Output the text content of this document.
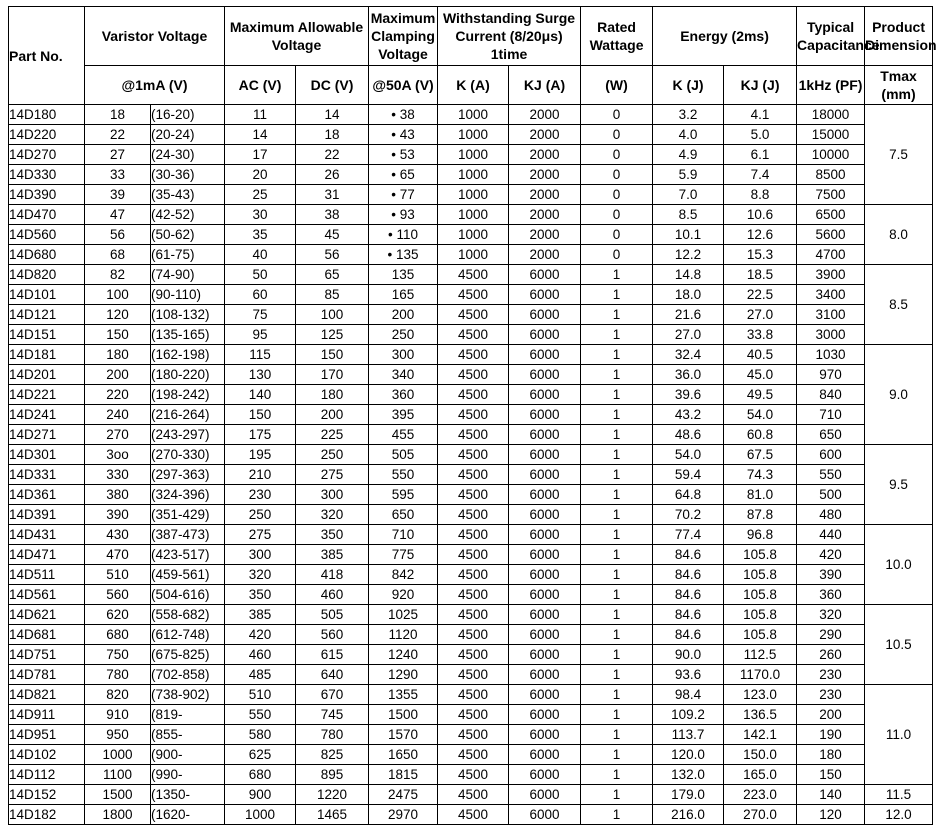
Part No.	Varistor Voltage		Maximum Allowable Voltage		Maximum Clamping Voltage	Withstanding Surge Current (8/20μs) 1time		Rated Wattage	Energy (2ms)		Typical Capacitance	Product Dimension
	@1mA (V)		AC (V)	DC (V)	@50A (V)	K (A)	KJ (A)	(W)	K (J)	KJ (J)	1kHz (PF)	Tmax (mm)
14D180	18	(16-20)	11	14	• 38	1000	2000	0	3.2	4.1	18000	7.5
14D220	22	(20-24)	14	18	• 43	1000	2000	0	4.0	5.0	15000	
14D270	27	(24-30)	17	22	• 53	1000	2000	0	4.9	6.1	10000	
14D330	33	(30-36)	20	26	• 65	1000	2000	0	5.9	7.4	8500	
14D390	39	(35-43)	25	31	• 77	1000	2000	0	7.0	8.8	7500	
14D470	47	(42-52)	30	38	• 93	1000	2000	0	8.5	10.6	6500	8.0
14D560	56	(50-62)	35	45	• 110	1000	2000	0	10.1	12.6	5600	
14D680	68	(61-75)	40	56	• 135	1000	2000	0	12.2	15.3	4700	
14D820	82	(74-90)	50	65	135	4500	6000	1	14.8	18.5	3900	8.5
14D101	100	(90-110)	60	85	165	4500	6000	1	18.0	22.5	3400	
14D121	120	(108-132)	75	100	200	4500	6000	1	21.6	27.0	3100	
14D151	150	(135-165)	95	125	250	4500	6000	1	27.0	33.8	3000	
14D181	180	(162-198)	115	150	300	4500	6000	1	32.4	40.5	1030	9.0
14D201	200	(180-220)	130	170	340	4500	6000	1	36.0	45.0	970	
14D221	220	(198-242)	140	180	360	4500	6000	1	39.6	49.5	840	
14D241	240	(216-264)	150	200	395	4500	6000	1	43.2	54.0	710	
14D271	270	(243-297)	175	225	455	4500	6000	1	48.6	60.8	650	
14D301	3oo	(270-330)	195	250	505	4500	6000	1	54.0	67.5	600	9.5
14D331	330	(297-363)	210	275	550	4500	6000	1	59.4	74.3	550	
14D361	380	(324-396)	230	300	595	4500	6000	1	64.8	81.0	500	
14D391	390	(351-429)	250	320	650	4500	6000	1	70.2	87.8	480	
14D431	430	(387-473)	275	350	710	4500	6000	1	77.4	96.8	440	10.0
14D471	470	(423-517)	300	385	775	4500	6000	1	84.6	105.8	420	
14D511	510	(459-561)	320	418	842	4500	6000	1	84.6	105.8	390	
14D561	560	(504-616)	350	460	920	4500	6000	1	84.6	105.8	360	
14D621	620	(558-682)	385	505	1025	4500	6000	1	84.6	105.8	320	10.5
14D681	680	(612-748)	420	560	1120	4500	6000	1	84.6	105.8	290	
14D751	750	(675-825)	460	615	1240	4500	6000	1	90.0	112.5	260	
14D781	780	(702-858)	485	640	1290	4500	6000	1	93.6	1170.0	230	
14D821	820	(738-902)	510	670	1355	4500	6000	1	98.4	123.0	230	11.0
14D911	910	(819-	550	745	1500	4500	6000	1	109.2	136.5	200	
14D951	950	(855-	580	780	1570	4500	6000	1	113.7	142.1	190	
14D102	1000	(900-	625	825	1650	4500	6000	1	120.0	150.0	180	
14D112	1100	(990-	680	895	1815	4500	6000	1	132.0	165.0	150	
14D152	1500	(1350-	900	1220	2475	4500	6000	1	179.0	223.0	140	11.5
14D182	1800	(1620-	1000	1465	2970	4500	6000	1	216.0	270.0	120	12.0
